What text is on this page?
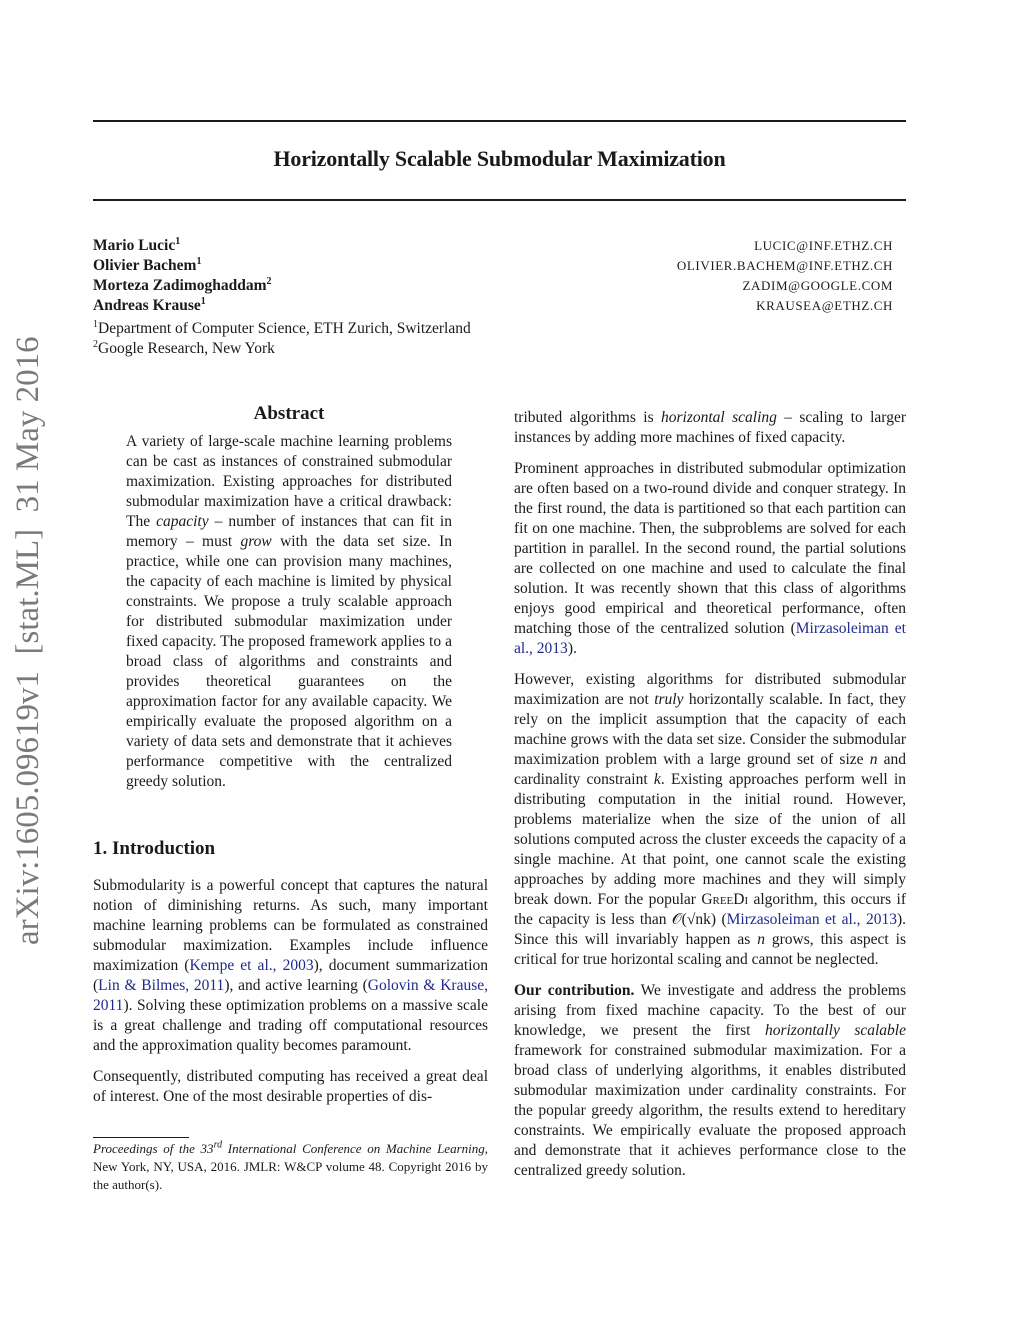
arXiv:1605.09619v1  [stat.ML]  31 May 2016
Horizontally Scalable Submodular Maximization
Mario Lucic$^1$
Olivier Bachem$^1$
Morteza Zadimoghaddam$^2$
Andreas Krause$^1$
$^1$Department of Computer Science, ETH Zurich, Switzerland
$^2$Google Research, New York
LUCIC@INF.ETHZ.CH
OLIVIER.BACHEM@INF.ETHZ.CH
ZADIM@GOOGLE.COM
KRAUSEA@ETHZ.CH
Abstract

A variety of large-scale machine learning problems can be cast as instances of constrained submodular maximization. Existing approaches for distributed submodular maximization have a critical drawback: The capacity – number of instances that can fit in memory – must grow with the data set size. In practice, while one can provision many machines, the capacity of each machine is limited by physical constraints. We propose a truly scalable approach for distributed submodular maximization under fixed capacity. The proposed framework applies to a broad class of algorithms and constraints and provides theoretical guarantees on the approximation factor for any available capacity. We empirically evaluate the proposed algorithm on a variety of data sets and demonstrate that it achieves performance competitive with the centralized greedy solution.

1. Introduction

Submodularity is a powerful concept that captures the natural notion of diminishing returns. As such, many important machine learning problems can be formulated as constrained submodular maximization. Examples include influence maximization (Kempe et al., 2003), document summarization (Lin & Bilmes, 2011), and active learning (Golovin & Krause, 2011). Solving these optimization problems on a massive scale is a great challenge and trading off computational resources and the approximation quality becomes paramount.

Consequently, distributed computing has received a great deal of interest. One of the most desirable properties of dis-

Proceedings of the 33rd International Conference on Machine Learning, New York, NY, USA, 2016. JMLR: W&CP volume 48. Copyright 2016 by the author(s).

tributed algorithms is horizontal scaling – scaling to larger instances by adding more machines of fixed capacity.

Prominent approaches in distributed submodular optimization are often based on a two-round divide and conquer strategy. In the first round, the data is partitioned so that each partition can fit on one machine. Then, the subproblems are solved for each partition in parallel. In the second round, the partial solutions are collected on one machine and used to calculate the final solution. It was recently shown that this class of algorithms enjoys good empirical and theoretical performance, often matching those of the centralized solution (Mirzasoleiman et al., 2013).

However, existing algorithms for distributed submodular maximization are not truly horizontally scalable. In fact, they rely on the implicit assumption that the capacity of each machine grows with the data set size. Consider the submodular maximization problem with a large ground set of size n and cardinality constraint k. Existing approaches perform well in distributing computation in the initial round. However, problems materialize when the size of the union of all solutions computed across the cluster exceeds the capacity of a single machine. At that point, one cannot scale the existing approaches by adding more machines and they will simply break down. For the popular GreeDi algorithm, this occurs if the capacity is less than 𝒪(√nk) (Mirzasoleiman et al., 2013). Since this will invariably happen as n grows, this aspect is critical for true horizontal scaling and cannot be neglected.

Our contribution. We investigate and address the problems arising from fixed machine capacity. To the best of our knowledge, we present the first horizontally scalable framework for constrained submodular maximization. For a broad class of underlying algorithms, it enables distributed submodular maximization under cardinality constraints. For the popular greedy algorithm, the results extend to hereditary constraints. We empirically evaluate the proposed approach and demonstrate that it achieves performance close to the centralized greedy solution.
